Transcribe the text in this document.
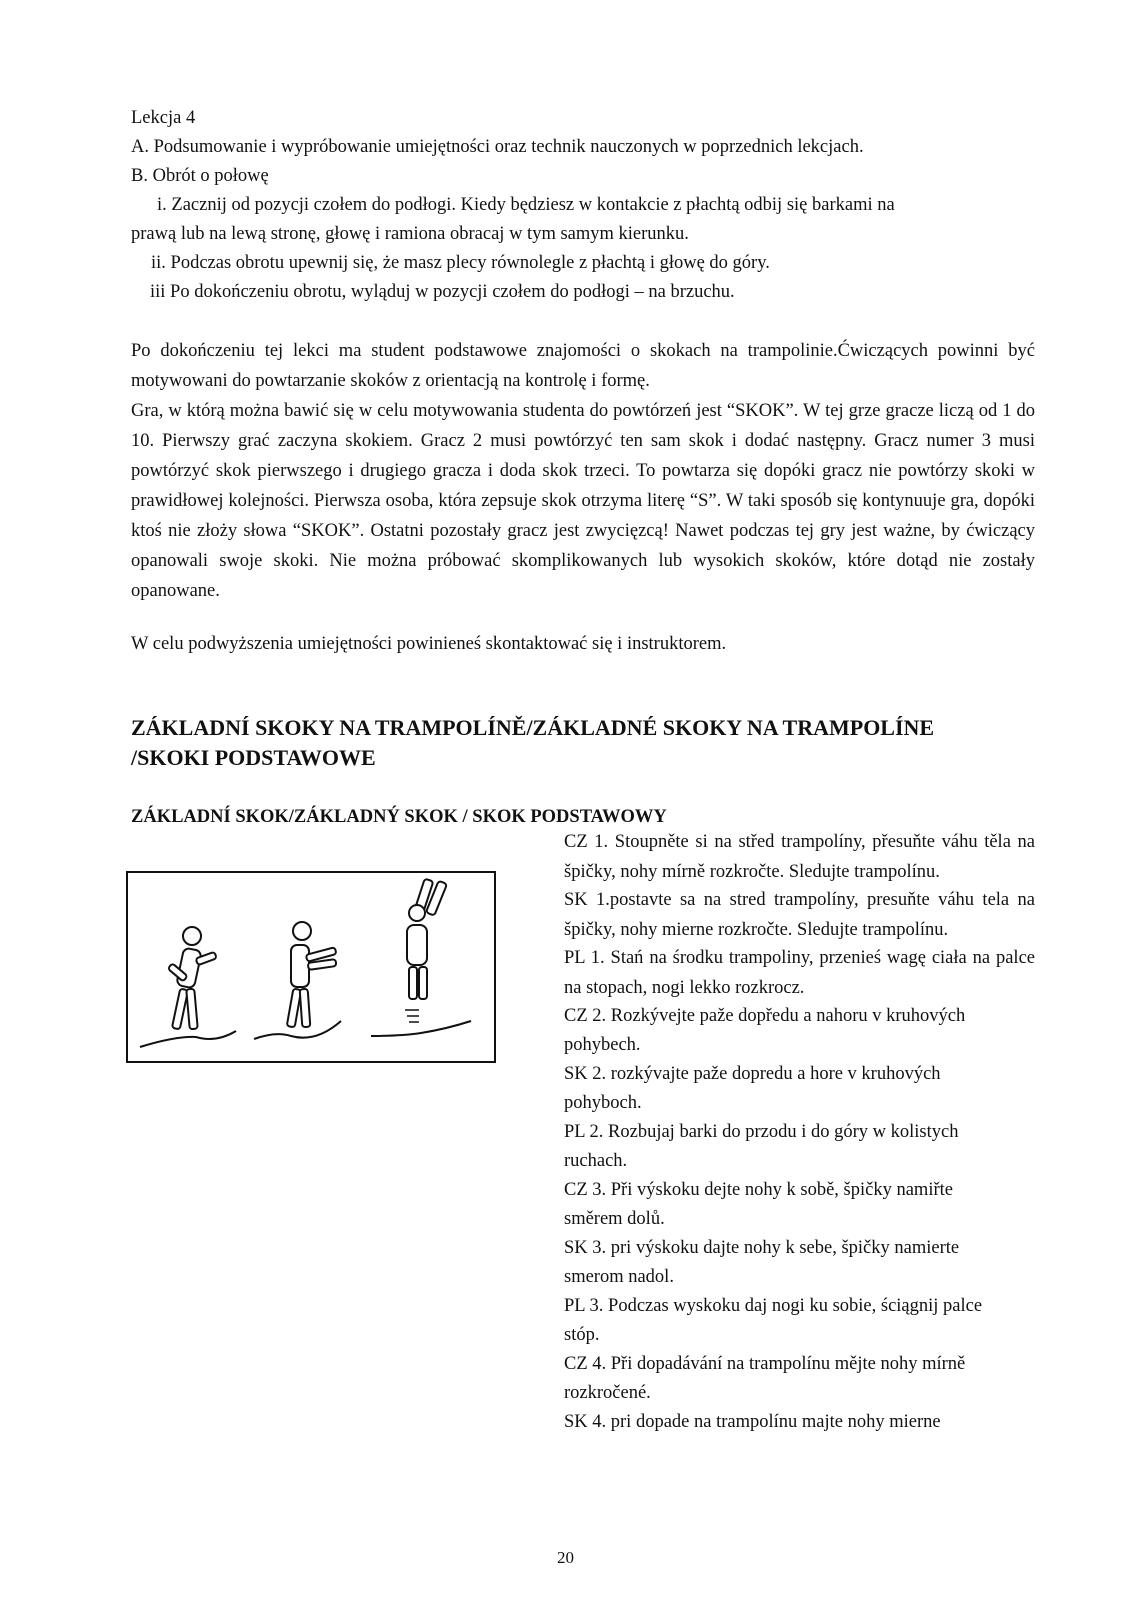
Lekcja 4
A. Podsumowanie i wypróbowanie umiejętności oraz technik nauczonych w poprzednich lekcjach.
B. Obrót o połowę
i. Zacznij od pozycji czołem do podłogi. Kiedy będziesz w kontakcie z płachtą odbij się barkami na
prawą lub na lewą stronę, głowę i ramiona obracaj w tym samym kierunku.
ii. Podczas obrotu upewnij się, że masz plecy równolegle z płachtą i głowę do góry.
iii Po dokończeniu obrotu, wyląduj w pozycji czołem do podłogi – na brzuchu.
Po dokończeniu tej lekci ma student podstawowe znajomości o skokach na trampolinie.Ćwiczących powinni być motywowani do powtarzanie skoków z orientacją na kontrolę i formę.
Gra, w którą można bawić się w celu motywowania studenta do powtórzeń jest “SKOK”. W tej grze gracze liczą od 1 do 10. Pierwszy grać zaczyna skokiem. Gracz 2 musi powtórzyć ten sam skok i dodać następny. Gracz numer 3 musi powtórzyć skok pierwszego i drugiego gracza i doda skok trzeci. To powtarza się dopóki gracz nie powtórzy skoki w prawidłowej kolejności. Pierwsza osoba, która zepsuje skok otrzyma literę “S”. W taki sposób się kontynuuje gra, dopóki ktoś nie złoży słowa “SKOK”. Ostatni pozostały gracz jest zwycięzcą! Nawet podczas tej gry jest ważne, by ćwiczący opanowali swoje skoki. Nie można próbować skomplikowanych lub wysokich skoków, które dotąd nie zostały opanowane.
W celu podwyższenia umiejętności powinieneś skontaktować się i instruktorem.
ZÁKLADNÍ SKOKY NA TRAMPOLÍNĚ/ZÁKLADNÉ SKOKY NA TRAMPOLÍNE
/SKOKI PODSTAWOWE
ZÁKLADNÍ SKOK/ZÁKLADNÝ SKOK / SKOK PODSTAWOWY
CZ 1. Stoupněte si na střed trampolíny, přesuňte váhu těla na špičky, nohy mírně rozkročte. Sledujte trampolínu.
SK 1.postavte sa na stred trampolíny, presuňte váhu tela na špičky, nohy mierne rozkročte. Sledujte trampolínu.
PL 1. Stań na środku trampoliny, przenieś wagę ciała na palce na stopach, nogi lekko rozkrocz.
CZ 2. Rozkývejte paže dopředu a nahoru v kruhových
pohybech.
SK 2. rozkývajte paže dopredu a hore v kruhových
pohyboch.
PL 2. Rozbujaj barki do przodu i do góry w kolistych
ruchach.
CZ 3. Při výskoku dejte nohy k sobě, špičky namiřte
směrem dolů.
SK 3. pri výskoku dajte nohy k sebe, špičky namierte
smerom nadol.
PL 3. Podczas wyskoku daj nogi ku sobie, ściągnij palce
stóp.
CZ 4. Při dopadávání na trampolínu mějte nohy mírně
rozkročené.
SK 4. pri dopade na trampolínu majte nohy mierne
20
